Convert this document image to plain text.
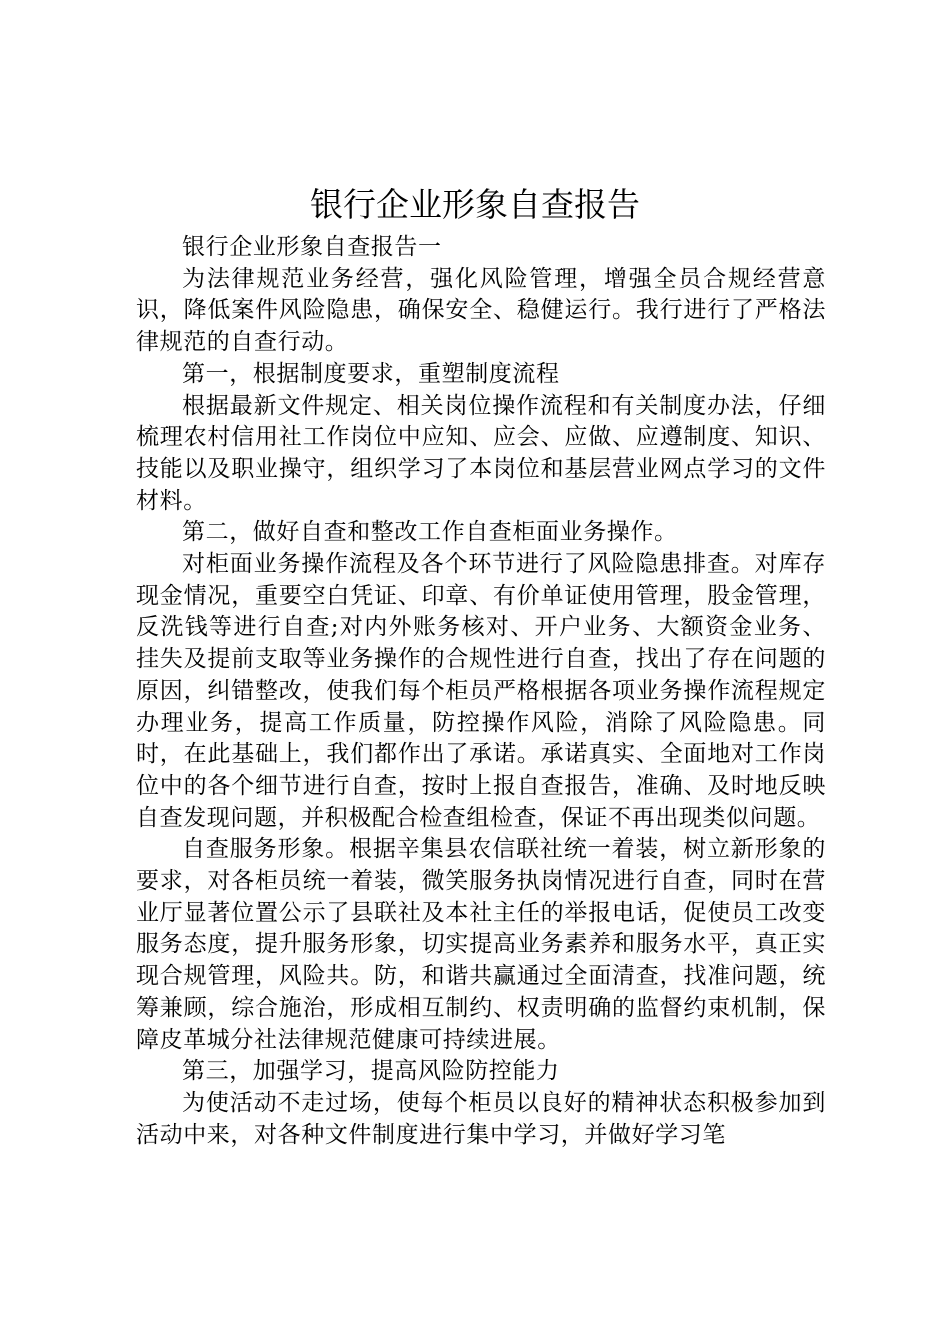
银行企业形象自查报告

银行企业形象自查报告一

为法律规范业务经营，强化风险管理，增强全员合规经营意识，降低案件风险隐患，确保安全、稳健运行。我行进行了严格法律规范的自查行动。

第一，根据制度要求，重塑制度流程

根据最新文件规定、相关岗位操作流程和有关制度办法，仔细梳理农村信用社工作岗位中应知、应会、应做、应遵制度、知识、技能以及职业操守，组织学习了本岗位和基层营业网点学习的文件材料。

第二，做好自查和整改工作自查柜面业务操作。

对柜面业务操作流程及各个环节进行了风险隐患排查。对库存现金情况，重要空白凭证、印章、有价单证使用管理，股金管理，反洗钱等进行自查;对内外账务核对、开户业务、大额资金业务、挂失及提前支取等业务操作的合规性进行自查，找出了存在问题的原因，纠错整改，使我们每个柜员严格根据各项业务操作流程规定办理业务，提高工作质量，防控操作风险，消除了风险隐患。同时，在此基础上，我们都作出了承诺。承诺真实、全面地对工作岗位中的各个细节进行自查，按时上报自查报告，准确、及时地反映自查发现问题，并积极配合检查组检查，保证不再出现类似问题。

自查服务形象。根据辛集县农信联社统一着装，树立新形象的要求，对各柜员统一着装，微笑服务执岗情况进行自查，同时在营业厅显著位置公示了县联社及本社主任的举报电话，促使员工改变服务态度，提升服务形象，切实提高业务素养和服务水平，真正实现合规管理，风险共。防，和谐共赢通过全面清查，找准问题，统筹兼顾，综合施治，形成相互制约、权责明确的监督约束机制，保障皮革城分社法律规范健康可持续进展。

第三，加强学习，提高风险防控能力

为使活动不走过场，使每个柜员以良好的精神状态积极参加到活动中来，对各种文件制度进行集中学习，并做好学习笔
